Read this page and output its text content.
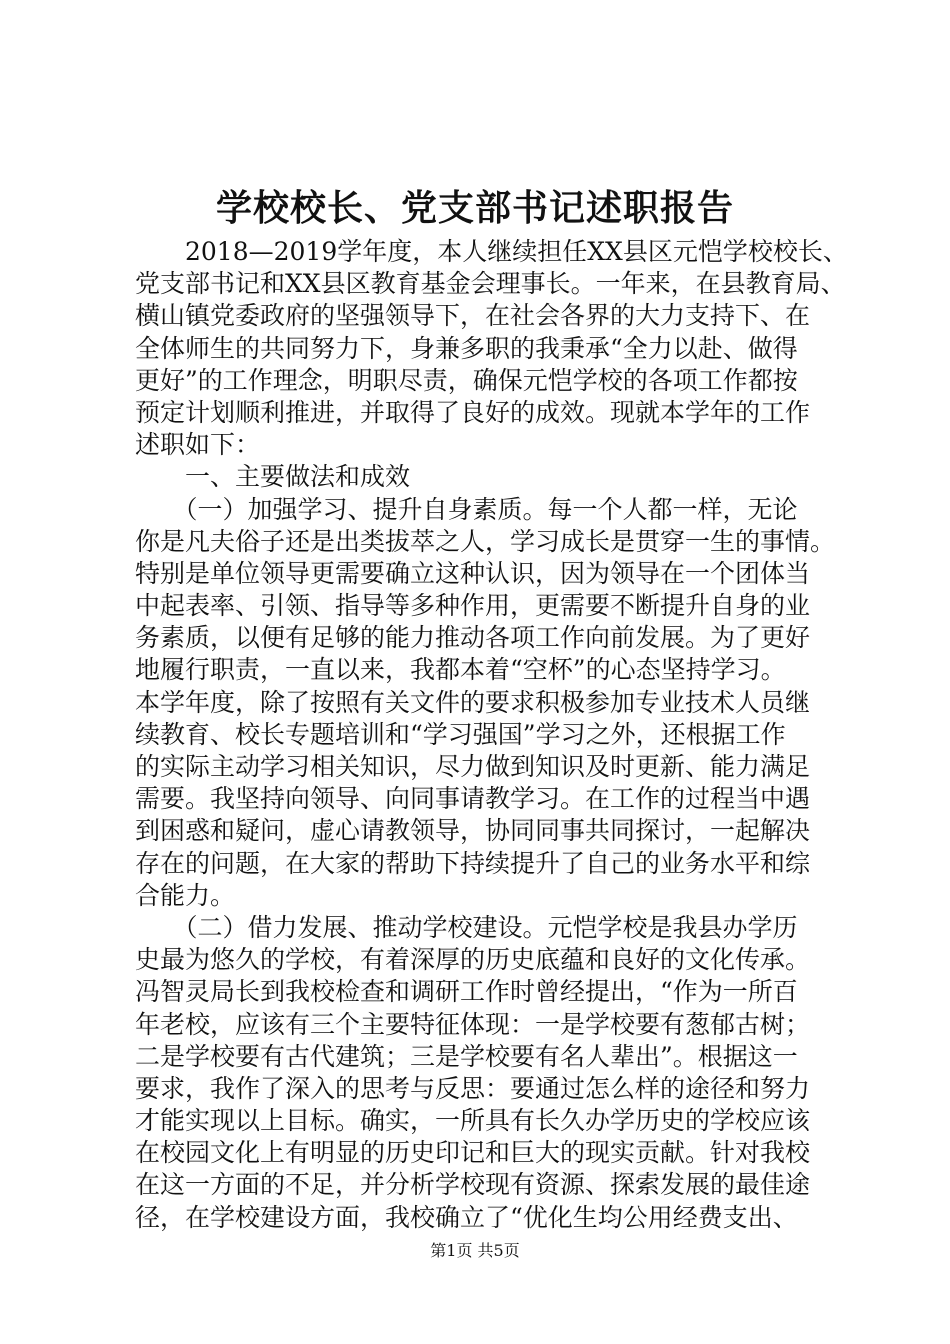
学校校长、党支部书记述职报告
　　2018—2019学年度，本人继续担任XX县区元恺学校校长、
党支部书记和XX县区教育基金会理事长。一年来，在县教育局、
横山镇党委政府的坚强领导下，在社会各界的大力支持下、在
全体师生的共同努力下，身兼多职的我秉承“全力以赴、做得
更好”的工作理念，明职尽责，确保元恺学校的各项工作都按
预定计划顺利推进，并取得了良好的成效。现就本学年的工作
述职如下：
　　一、主要做法和成效
　　（一）加强学习、提升自身素质。每一个人都一样，无论
你是凡夫俗子还是出类拔萃之人，学习成长是贯穿一生的事情。
特别是单位领导更需要确立这种认识，因为领导在一个团体当
中起表率、引领、指导等多种作用，更需要不断提升自身的业
务素质，以便有足够的能力推动各项工作向前发展。为了更好
地履行职责，一直以来，我都本着“空杯”的心态坚持学习。
本学年度，除了按照有关文件的要求积极参加专业技术人员继
续教育、校长专题培训和“学习强国”学习之外，还根据工作
的实际主动学习相关知识，尽力做到知识及时更新、能力满足
需要。我坚持向领导、向同事请教学习。在工作的过程当中遇
到困惑和疑问，虚心请教领导，协同同事共同探讨，一起解决
存在的问题，在大家的帮助下持续提升了自己的业务水平和综
合能力。
　　（二）借力发展、推动学校建设。元恺学校是我县办学历
史最为悠久的学校，有着深厚的历史底蕴和良好的文化传承。
冯智灵局长到我校检查和调研工作时曾经提出，“作为一所百
年老校，应该有三个主要特征体现：一是学校要有葱郁古树；
二是学校要有古代建筑；三是学校要有名人辈出”。根据这一
要求，我作了深入的思考与反思：要通过怎么样的途径和努力
才能实现以上目标。确实，一所具有长久办学历史的学校应该
在校园文化上有明显的历史印记和巨大的现实贡献。针对我校
在这一方面的不足，并分析学校现有资源、探索发展的最佳途
径，在学校建设方面，我校确立了“优化生均公用经费支出、
第1页 共5页
